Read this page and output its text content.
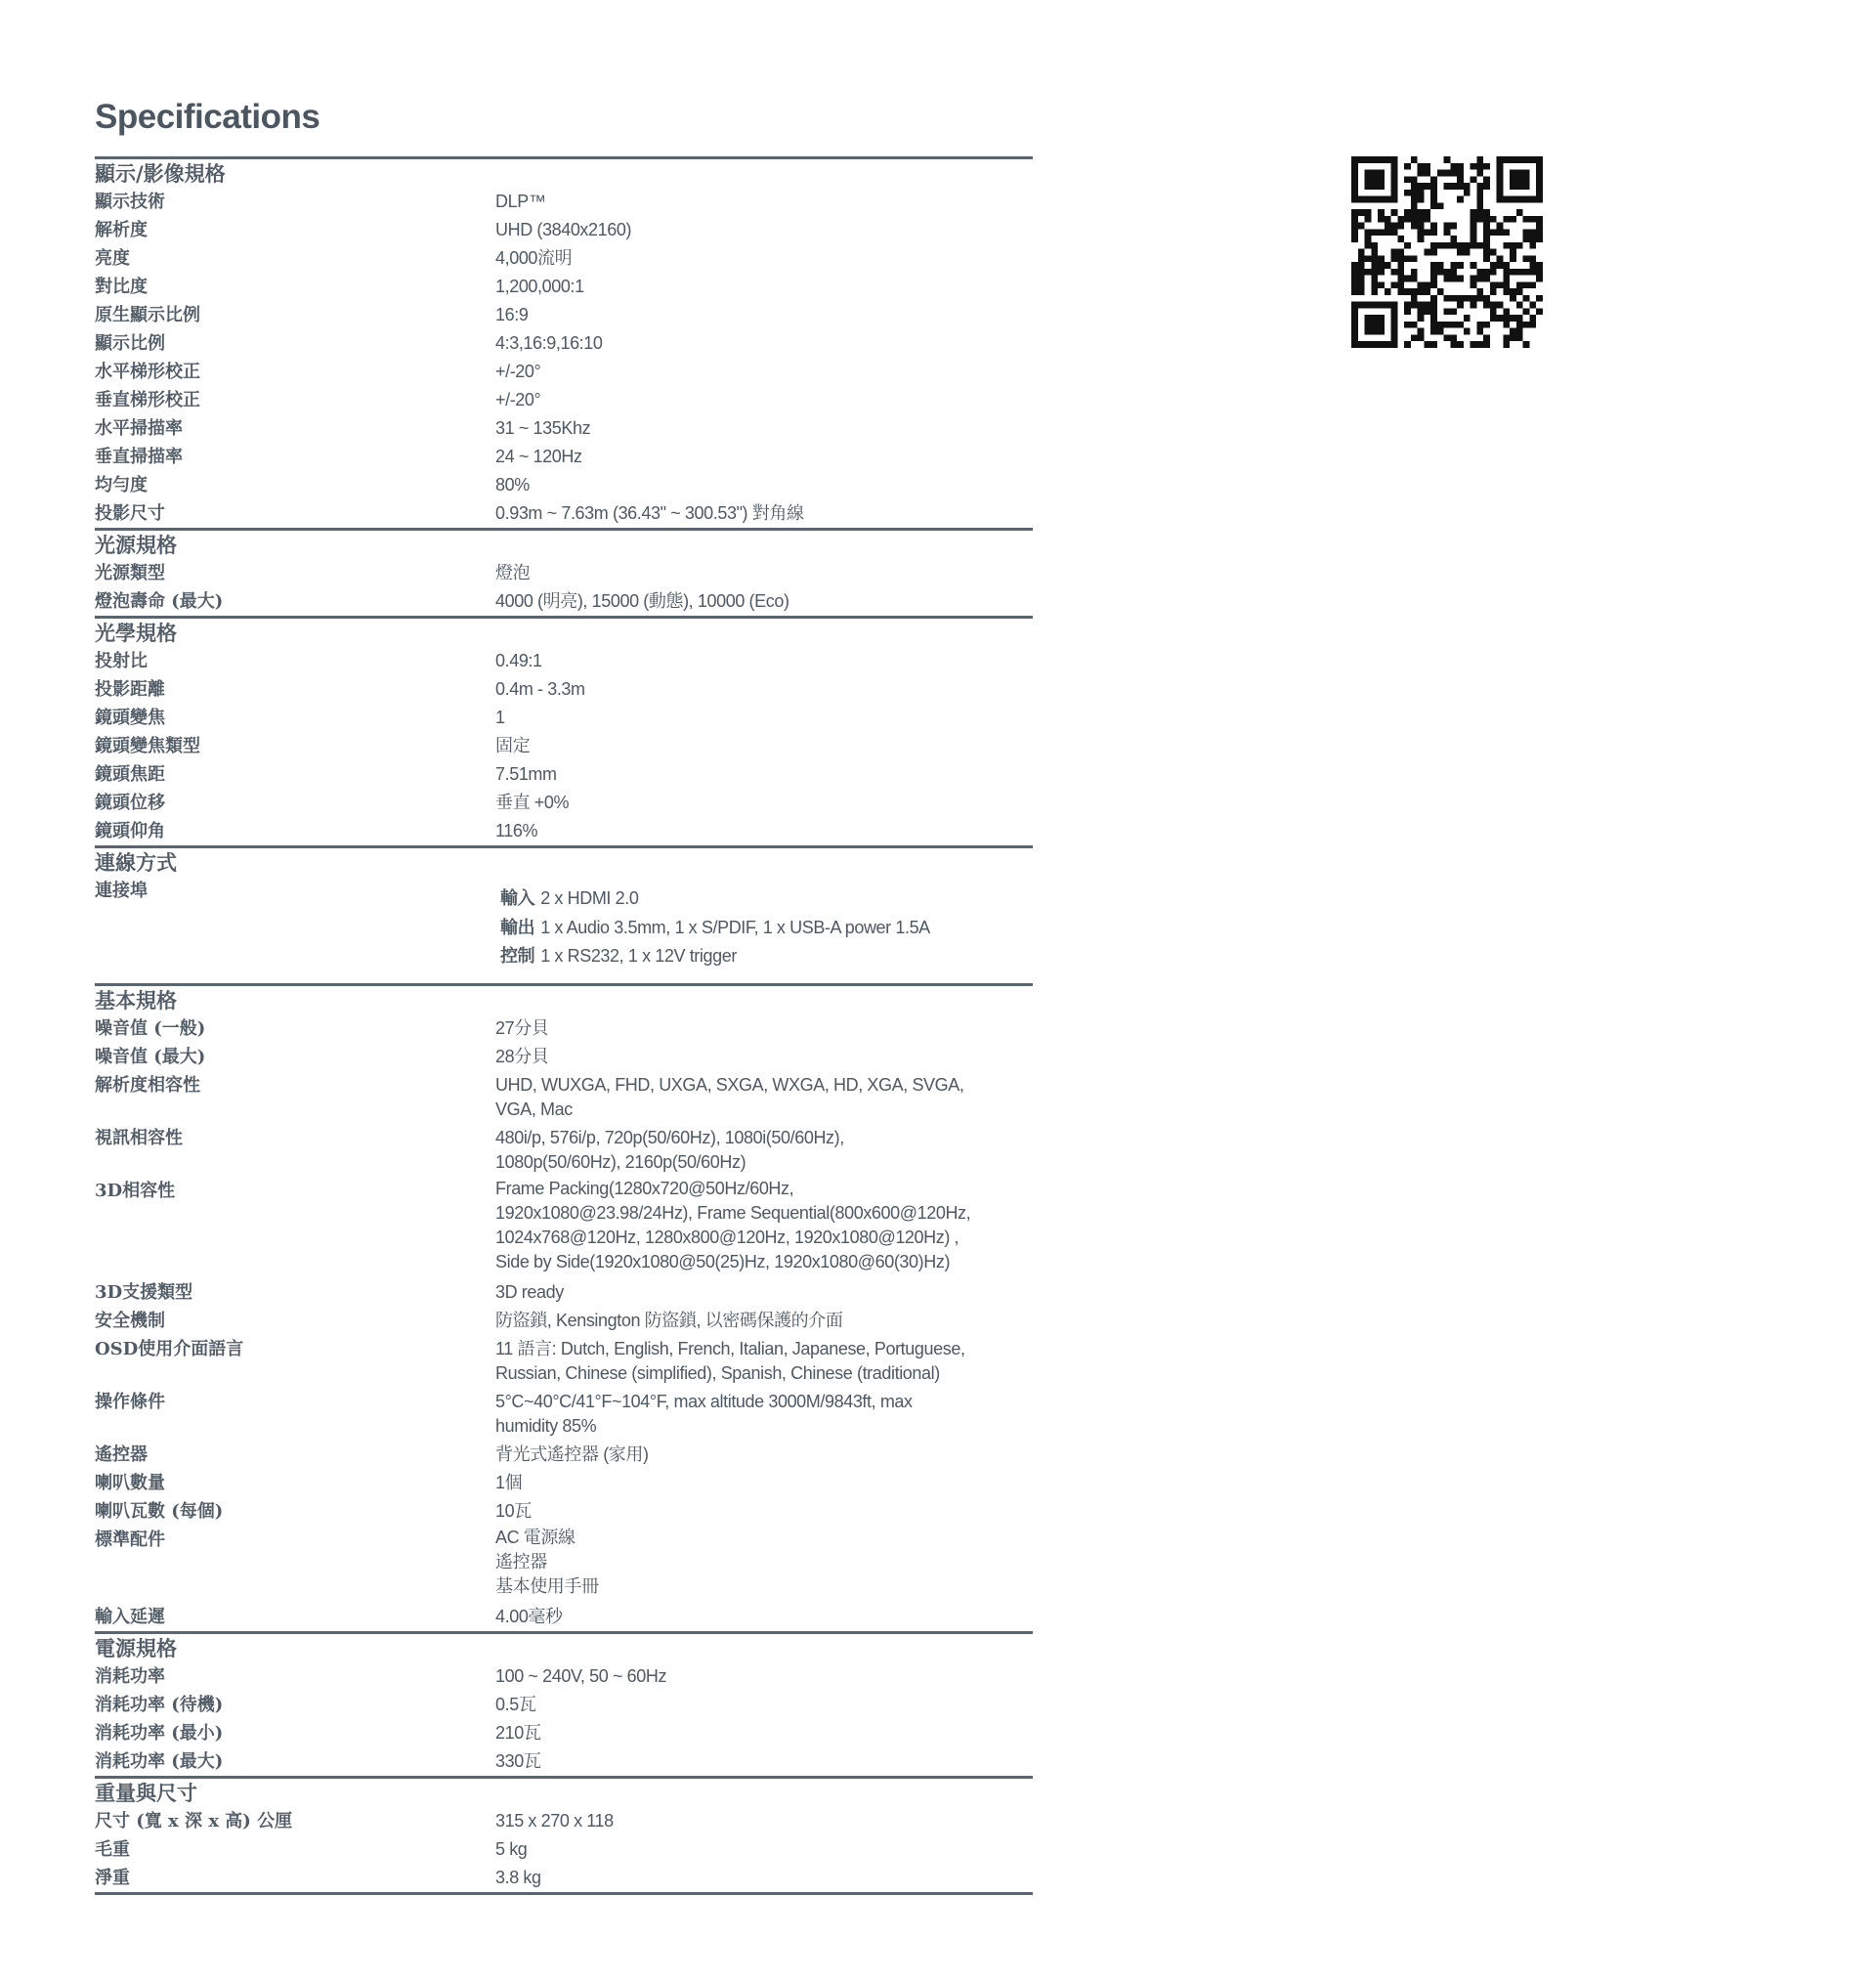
Specifications
顯示/影像規格
顯示技術	DLP™
解析度	UHD (3840x2160)
亮度	4,000流明
對比度	1,200,000:1
原生顯示比例	16:9
顯示比例	4:3,16:9,16:10
水平梯形校正	+/-20°
垂直梯形校正	+/-20°
水平掃描率	31 ~ 135Khz
垂直掃描率	24 ~ 120Hz
均勻度	80%
投影尺寸	0.93m ~ 7.63m (36.43" ~ 300.53") 對角線
光源規格
光源類型	燈泡
燈泡壽命 (最大)	4000 (明亮), 15000 (動態), 10000 (Eco)
光學規格
投射比	0.49:1
投影距離	0.4m - 3.3m
鏡頭變焦	1
鏡頭變焦類型	固定
鏡頭焦距	7.51mm
鏡頭位移	垂直 +0%
鏡頭仰角	116%
連線方式
連接埠	輸入 2 x HDMI 2.0
輸出 1 x Audio 3.5mm, 1 x S/PDIF, 1 x USB-A power 1.5A
控制 1 x RS232, 1 x 12V trigger
基本規格
噪音值 (一般)	27分貝
噪音值 (最大)	28分貝
解析度相容性	UHD, WUXGA, FHD, UXGA, SXGA, WXGA, HD, XGA, SVGA,
VGA, Mac
視訊相容性	480i/p, 576i/p, 720p(50/60Hz), 1080i(50/60Hz),
1080p(50/60Hz), 2160p(50/60Hz)
3D相容性	Frame Packing(1280x720@50Hz/60Hz,
1920x1080@23.98/24Hz), Frame Sequential(800x600@120Hz,
1024x768@120Hz, 1280x800@120Hz, 1920x1080@120Hz) ,
Side by Side(1920x1080@50(25)Hz, 1920x1080@60(30)Hz)
3D支援類型	3D ready
安全機制	防盜鎖, Kensington 防盜鎖, 以密碼保護的介面
OSD使用介面語言	11 語言: Dutch, English, French, Italian, Japanese, Portuguese,
Russian, Chinese (simplified), Spanish, Chinese (traditional)
操作條件	5°C~40°C/41°F~104°F, max altitude 3000M/9843ft, max
humidity 85%
遙控器	背光式遙控器 (家用)
喇叭數量	1個
喇叭瓦數 (每個)	10瓦
標準配件	AC 電源線
遙控器
基本使用手冊
輸入延遲	4.00毫秒
電源規格
消耗功率	100 ~ 240V, 50 ~ 60Hz
消耗功率 (待機)	0.5瓦
消耗功率 (最小)	210瓦
消耗功率 (最大)	330瓦
重量與尺寸
尺寸 (寬 x 深 x 高) 公厘	315 x 270 x 118
毛重	5 kg
淨重	3.8 kg
